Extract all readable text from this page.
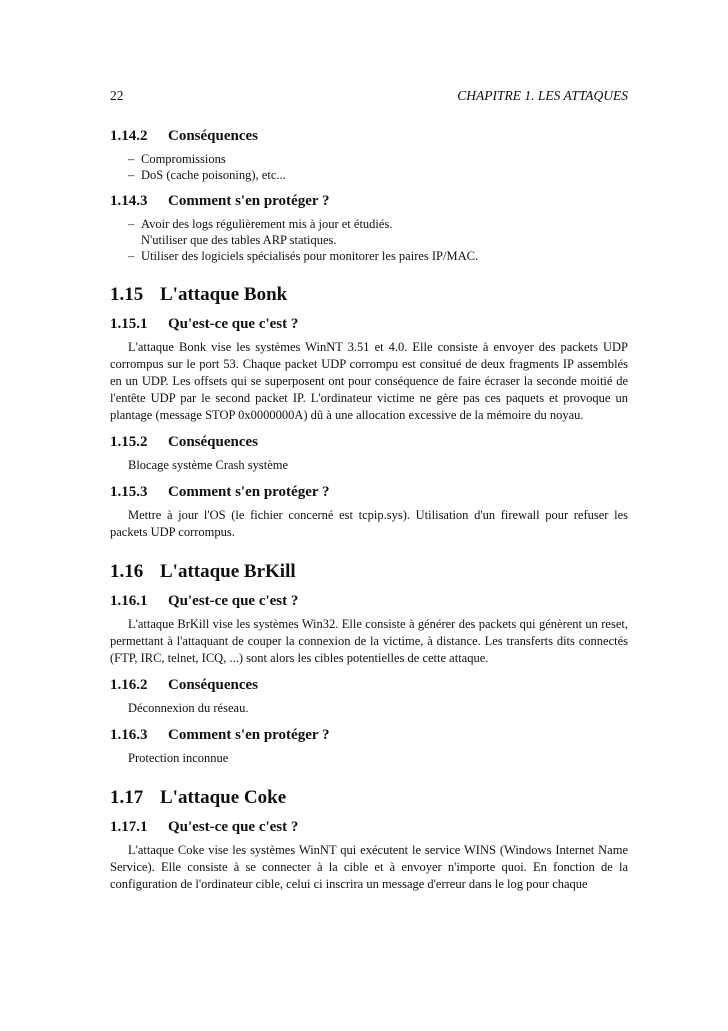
22	CHAPITRE 1. LES ATTAQUES
1.14.2	Conséquences
– Compromissions
– DoS (cache poisoning), etc...
1.14.3	Comment s'en protéger ?
– Avoir des logs régulièrement mis à jour et étudiés.
N'utiliser que des tables ARP statiques.
– Utiliser des logiciels spécialisés pour monitorer les paires IP/MAC.
1.15 L'attaque Bonk
1.15.1	Qu'est-ce que c'est ?

L'attaque Bonk vise les systèmes WinNT 3.51 et 4.0. Elle consiste à envoyer des packets UDP corrompus sur le port 53. Chaque packet UDP corrompu est consitué de deux fragments IP assemblés en un UDP. Les offsets qui se superposent ont pour conséquence de faire écraser la seconde moitié de l'entête UDP par le second packet IP. L'ordinateur victime ne gère pas ces paquets et provoque un plantage (message STOP 0x0000000A) dû à une allocation excessive de la mémoire du noyau.

1.15.2	Conséquences

Blocage système Crash système

1.15.3	Comment s'en protéger ?

Mettre à jour l'OS (le fichier concerné est tcpip.sys). Utilisation d'un firewall pour refuser les packets UDP corrompus.

1.16 L'attaque BrKill
1.16.1	Qu'est-ce que c'est ?

L'attaque BrKill vise les systèmes Win32. Elle consiste à générer des packets qui génèrent un reset, permettant à l'attaquant de couper la connexion de la victime, à distance. Les transferts dits connectés (FTP, IRC, telnet, ICQ, ...) sont alors les cibles potentielles de cette attaque.

1.16.2	Conséquences

Déconnexion du réseau.

1.16.3	Comment s'en protéger ?

Protection inconnue

1.17 L'attaque Coke
1.17.1	Qu'est-ce que c'est ?

L'attaque Coke vise les systèmes WinNT qui exécutent le service WINS (Windows Internet Name Service). Elle consiste à se connecter à la cible et à envoyer n'importe quoi. En fonction de la configuration de l'ordinateur cible, celui ci inscrira un message d'erreur dans le log pour chaque
